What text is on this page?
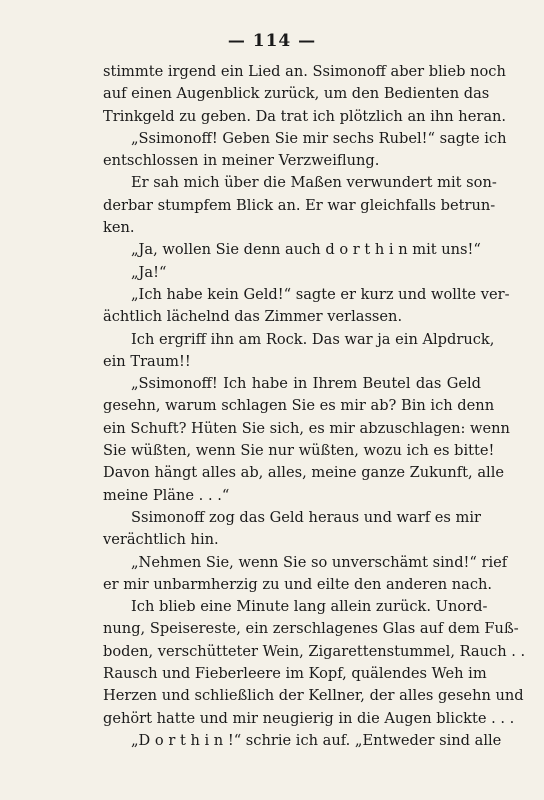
— 114 —
stimmte irgend ein Lied an. Ssimonoff aber blieb noch
auf einen Augenblick zurück, um den Bedienten das
Trinkgeld zu geben. Da trat ich plötzlich an ihn heran.
„Ssimonoff! Geben Sie mir sechs Rubel!“ sagte ich
entschlossen in meiner Verzweiflung.
Er sah mich über die Maßen verwundert mit son-
derbar stumpfem Blick an. Er war gleichfalls betrun-
ken.
„Ja, wollen Sie denn auch d o r t h i n mit uns!“
„Ja!“
„Ich habe kein Geld!“ sagte er kurz und wollte ver-
ächtlich lächelnd das Zimmer verlassen.
Ich ergriff ihn am Rock. Das war ja ein Alpdruck,
ein Traum!!
„Ssimonoff! Ich habe in Ihrem Beutel das Geld
gesehn, warum schlagen Sie es mir ab? Bin ich denn
ein Schuft? Hüten Sie sich, es mir abzuschlagen: wenn
Sie wüßten, wenn Sie nur wüßten, wozu ich es bitte!
Davon hängt alles ab, alles, meine ganze Zukunft, alle
meine Pläne . . .“
Ssimonoff zog das Geld heraus und warf es mir
verächtlich hin.
„Nehmen Sie, wenn Sie so unverschämt sind!“ rief
er mir unbarmherzig zu und eilte den anderen nach.
Ich blieb eine Minute lang allein zurück. Unord-
nung, Speisereste, ein zerschlagenes Glas auf dem Fuß-
boden, verschütteter Wein, Zigarettenstummel, Rauch . .
Rausch und Fieberleere im Kopf, quälendes Weh im
Herzen und schließlich der Kellner, der alles gesehn und
gehört hatte und mir neugierig in die Augen blickte . . .
„D o r t h i n !“ schrie ich auf. „Entweder sind alle
